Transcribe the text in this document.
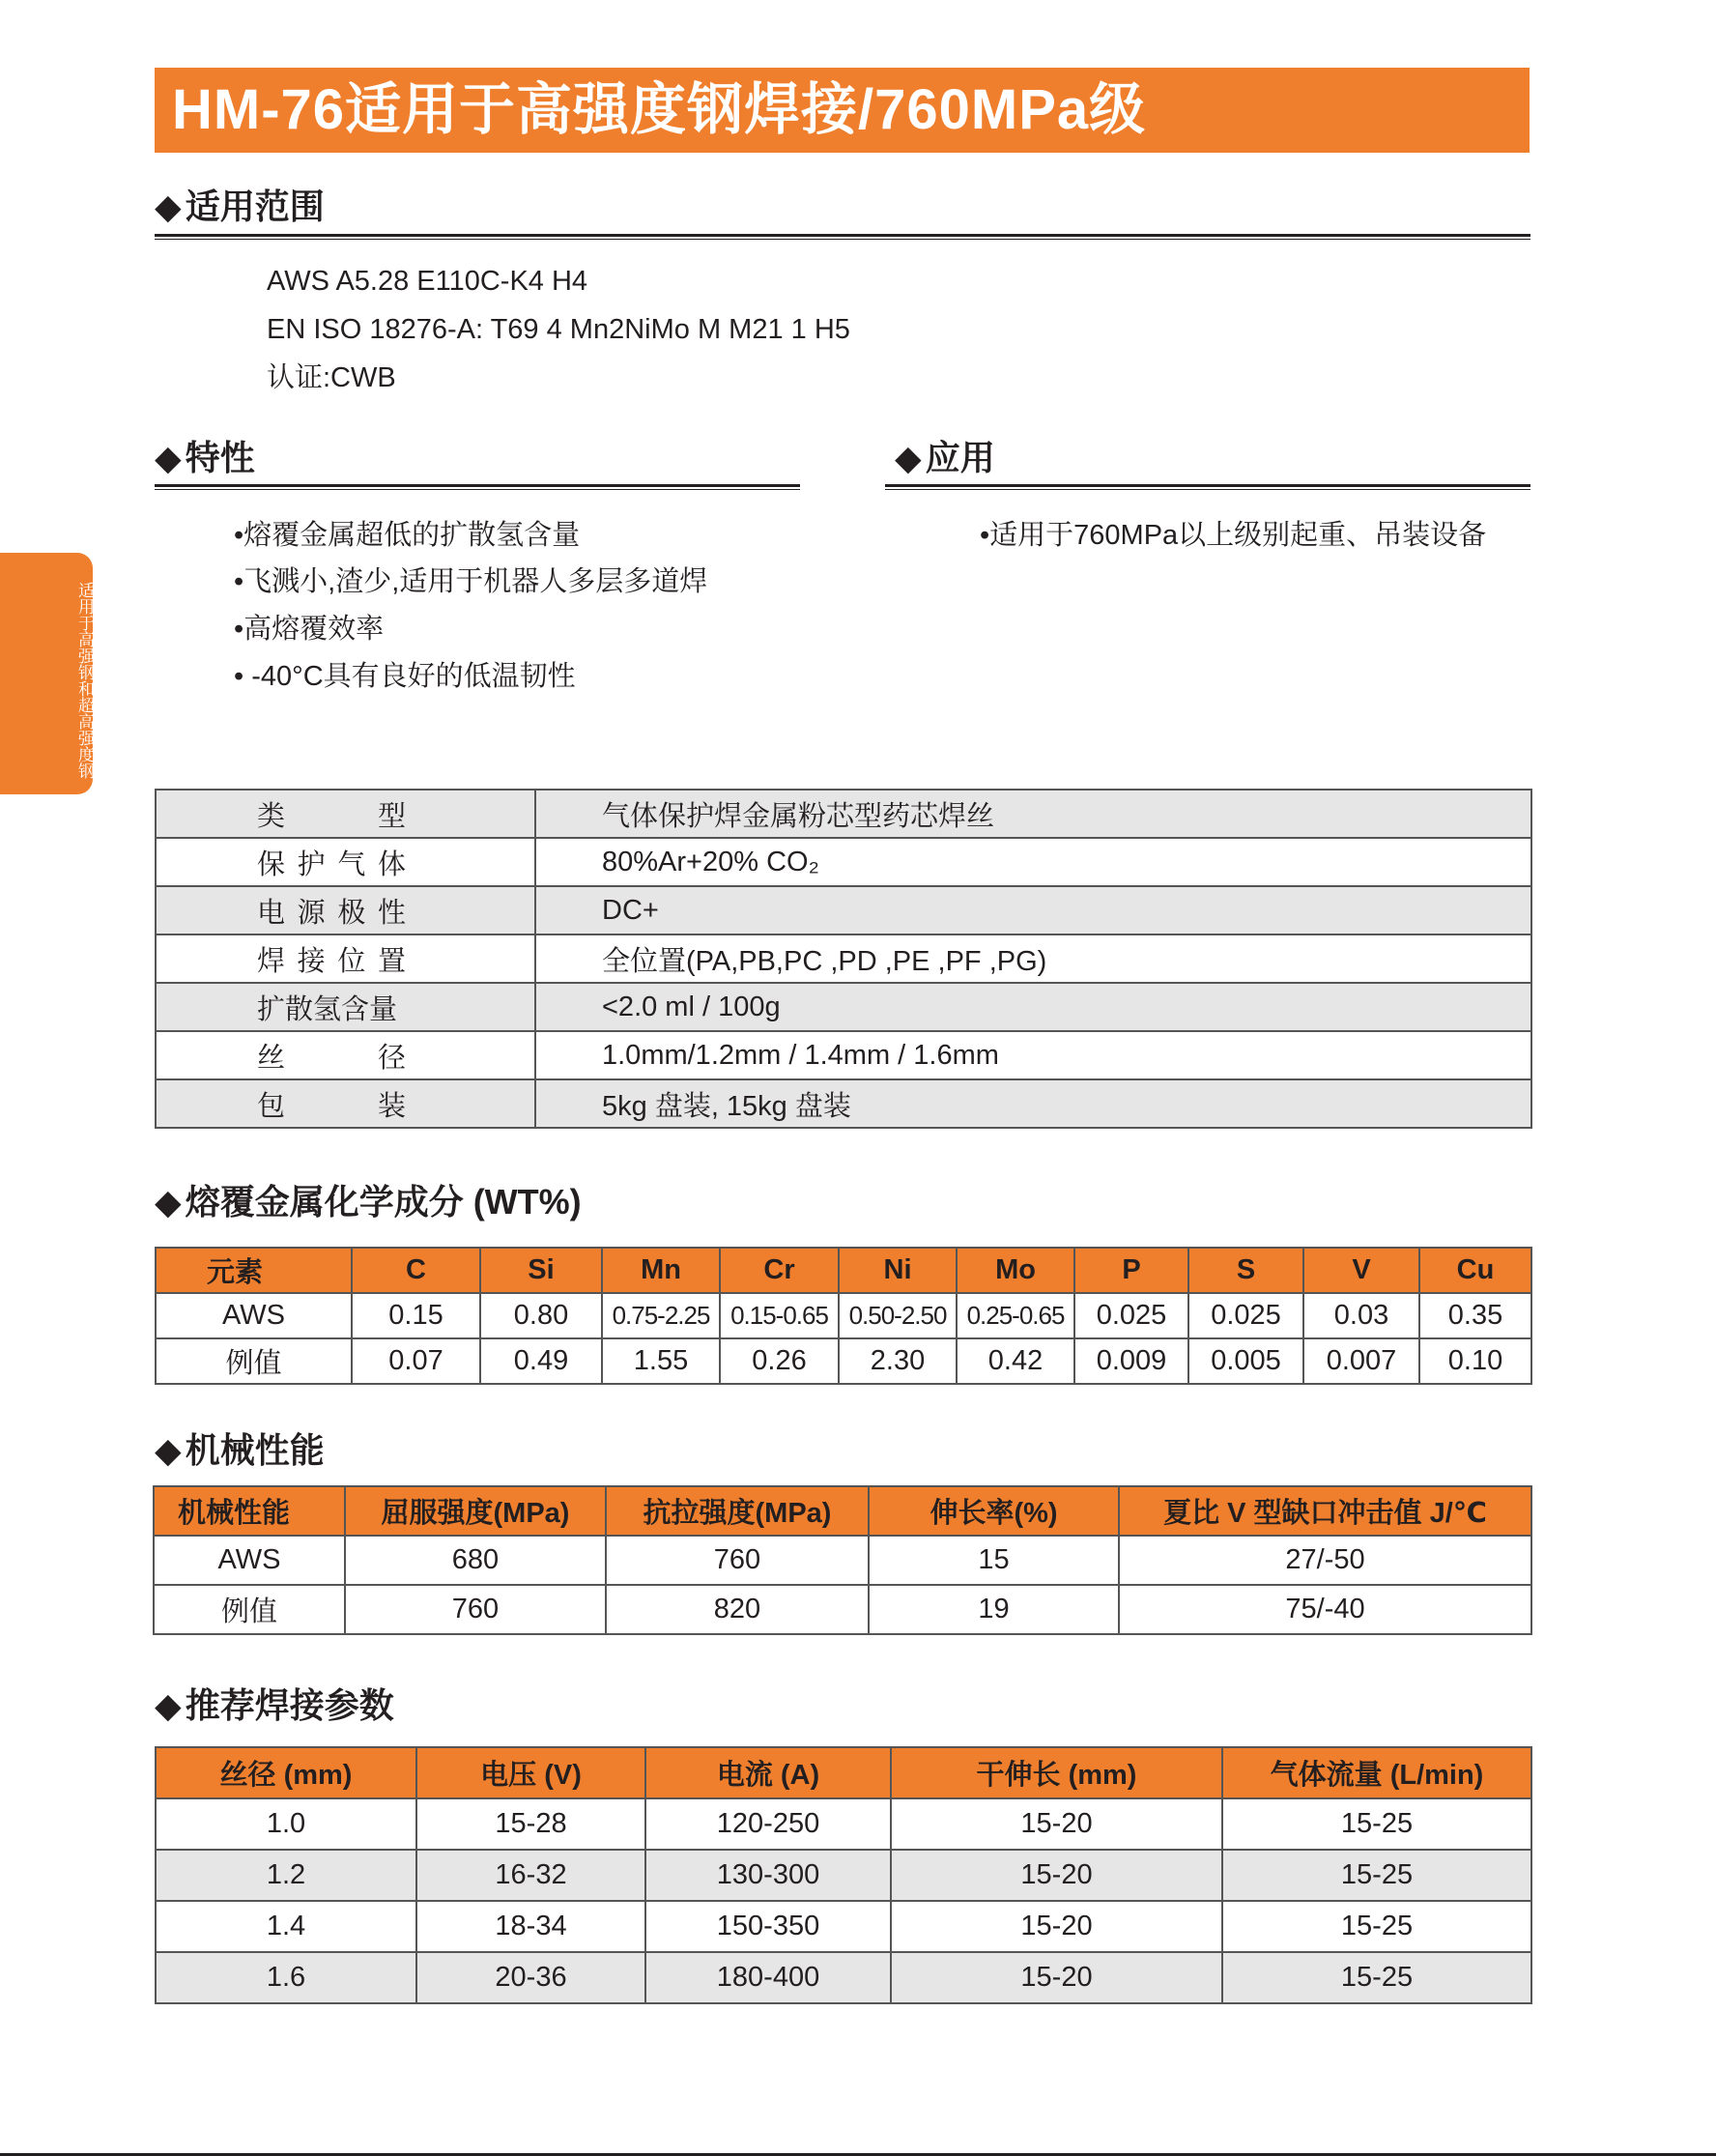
HM-76适用于高强度钢焊接/760MPa级
适用于高强钢和超高强度钢
◆ 适用范围
AWS A5.28 E110C-K4 H4
EN ISO 18276-A: T69 4 Mn2NiMo M M21 1 H5
认证:CWB
◆ 特性
•熔覆金属超低的扩散氢含量
•飞溅小,渣少,适用于机器人多层多道焊
•高熔覆效率
• -40°C具有良好的低温韧性
◆ 应用
•适用于760MPa以上级别起重、吊装设备
类 型	气体保护焊金属粉芯型药芯焊丝

保 护 气 体	80%Ar+20% CO₂

电 源 极 性	DC+

焊 接 位 置	全位置(PA,PB,PC ,PD ,PE ,PF ,PG)

扩散氢含量	<2.0 ml / 100g

丝 径	1.0mm/1.2mm / 1.4mm / 1.6mm

包 装	5kg 盘装, 15kg 盘装
◆ 熔覆金属化学成分 (WT%)
元素	C	Si	Mn	Cr	Ni	Mo	P	S	V	Cu
AWS	0.15	0.80	0.75-2.25	0.15-0.65	0.50-2.50	0.25-0.65	0.025	0.025	0.03	0.35
例值	0.07	0.49	1.55	0.26	2.30	0.42	0.009	0.005	0.007	0.10
◆ 机械性能
机械性能	屈服强度(MPa)	抗拉强度(MPa)	伸长率(%)	夏比 V 型缺口冲击值 J/℃
AWS	680	760	15	27/-50
例值	760	820	19	75/-40
◆ 推荐焊接参数
丝径 (mm)	电压 (V)	电流 (A)	干伸长 (mm)	气体流量 (L/min)
1.0	15-28	120-250	15-20	15-25
1.2	16-32	130-300	15-20	15-25
1.4	18-34	150-350	15-20	15-25
1.6	20-36	180-400	15-20	15-25
